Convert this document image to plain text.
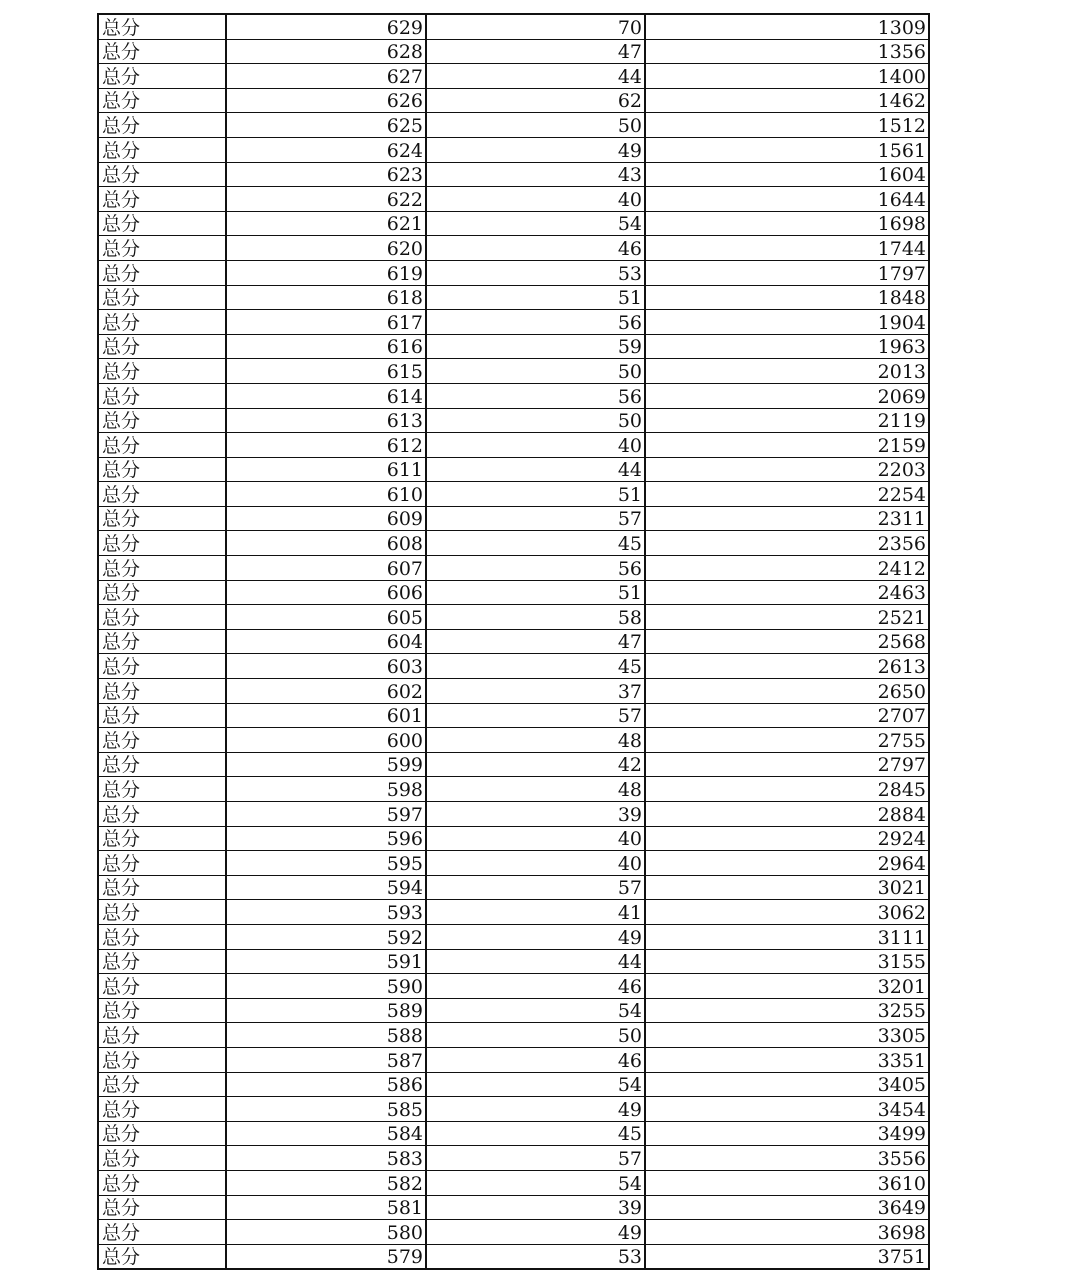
总分	629	70	1309
总分	628	47	1356
总分	627	44	1400
总分	626	62	1462
总分	625	50	1512
总分	624	49	1561
总分	623	43	1604
总分	622	40	1644
总分	621	54	1698
总分	620	46	1744
总分	619	53	1797
总分	618	51	1848
总分	617	56	1904
总分	616	59	1963
总分	615	50	2013
总分	614	56	2069
总分	613	50	2119
总分	612	40	2159
总分	611	44	2203
总分	610	51	2254
总分	609	57	2311
总分	608	45	2356
总分	607	56	2412
总分	606	51	2463
总分	605	58	2521
总分	604	47	2568
总分	603	45	2613
总分	602	37	2650
总分	601	57	2707
总分	600	48	2755
总分	599	42	2797
总分	598	48	2845
总分	597	39	2884
总分	596	40	2924
总分	595	40	2964
总分	594	57	3021
总分	593	41	3062
总分	592	49	3111
总分	591	44	3155
总分	590	46	3201
总分	589	54	3255
总分	588	50	3305
总分	587	46	3351
总分	586	54	3405
总分	585	49	3454
总分	584	45	3499
总分	583	57	3556
总分	582	54	3610
总分	581	39	3649
总分	580	49	3698
总分	579	53	3751
